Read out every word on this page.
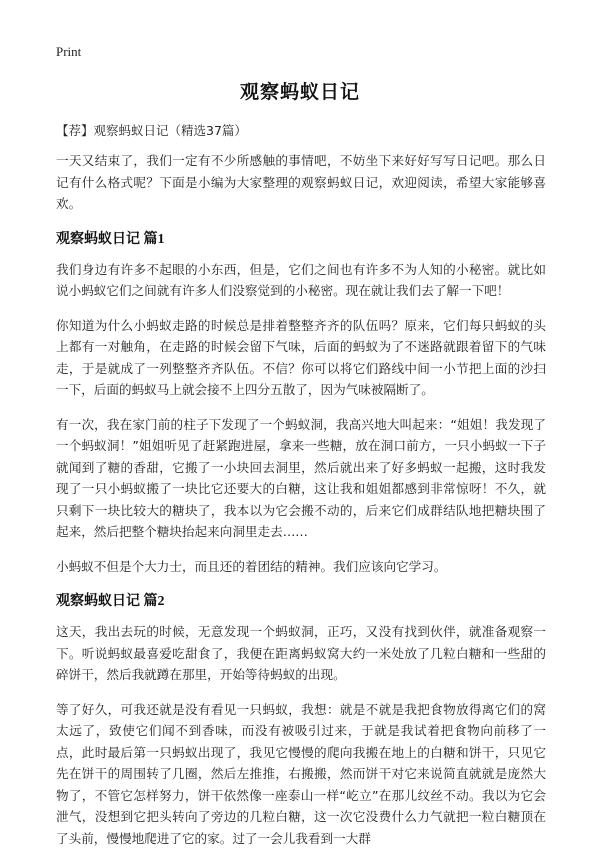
Print
观察蚂蚁日记
【荐】观察蚂蚁日记（精选37篇）

一天又结束了，我们一定有不少所感触的事情吧，不妨坐下来好好写写日记吧。那么日记有什么格式呢？下面是小编为大家整理的观察蚂蚁日记，欢迎阅读，希望大家能够喜欢。

观察蚂蚁日记 篇1

我们身边有许多不起眼的小东西，但是，它们之间也有许多不为人知的小秘密。就比如说小蚂蚁它们之间就有许多人们没察觉到的小秘密。现在就让我们去了解一下吧！

你知道为什么小蚂蚁走路的时候总是排着整整齐齐的队伍吗？原来，它们每只蚂蚁的头上都有一对触角，在走路的时候会留下气味，后面的蚂蚁为了不迷路就跟着留下的气味走，于是就成了一列整整齐齐队伍。不信？你可以将它们路线中间一小节把上面的沙扫一下，后面的蚂蚁马上就会接不上四分五散了，因为气味被隔断了。

有一次，我在家门前的柱子下发现了一个蚂蚁洞，我高兴地大叫起来：“姐姐！我发现了一个蚂蚁洞！”姐姐听见了赶紧跑进屋，拿来一些糖，放在洞口前方，一只小蚂蚁一下子就闻到了糖的香甜，它搬了一小块回去洞里，然后就出来了好多蚂蚁一起搬，这时我发现了一只小蚂蚁搬了一块比它还要大的白糖，这让我和姐姐都感到非常惊呀！不久，就只剩下一块比较大的糖块了，我本以为它会搬不动的，后来它们成群结队地把糖块围了起来，然后把整个糖块抬起来向洞里走去……

小蚂蚁不但是个大力士，而且还的着团结的精神。我们应该向它学习。

观察蚂蚁日记 篇2

这天，我出去玩的时候，无意发现一个蚂蚁洞，正巧，又没有找到伙伴，就准备观察一下。听说蚂蚁最喜爱吃甜食了，我便在距离蚂蚁窝大约一米处放了几粒白糖和一些甜的碎饼干，然后我就蹲在那里，开始等待蚂蚁的出现。

等了好久，可我还就是没有看见一只蚂蚁，我想：就是不就是我把食物放得离它们的窝太远了，致使它们闻不到香味，而没有被吸引过来，于就是我试着把食物向前移了一点，此时最后第一只蚂蚁出现了，我见它慢慢的爬向我搬在地上的白糖和饼干，只见它先在饼干的周围转了几圈，然后左推推，右搬搬，然而饼干对它来说简直就就是庞然大物了，不管它怎样努力，饼干依然像一座泰山一样“屹立”在那儿纹丝不动。我以为它会泄气，没想到它把头转向了旁边的几粒白糖，这一次它没费什么力气就把一粒白糖顶在了头前，慢慢地爬进了它的家。过了一会儿我看到一大群
